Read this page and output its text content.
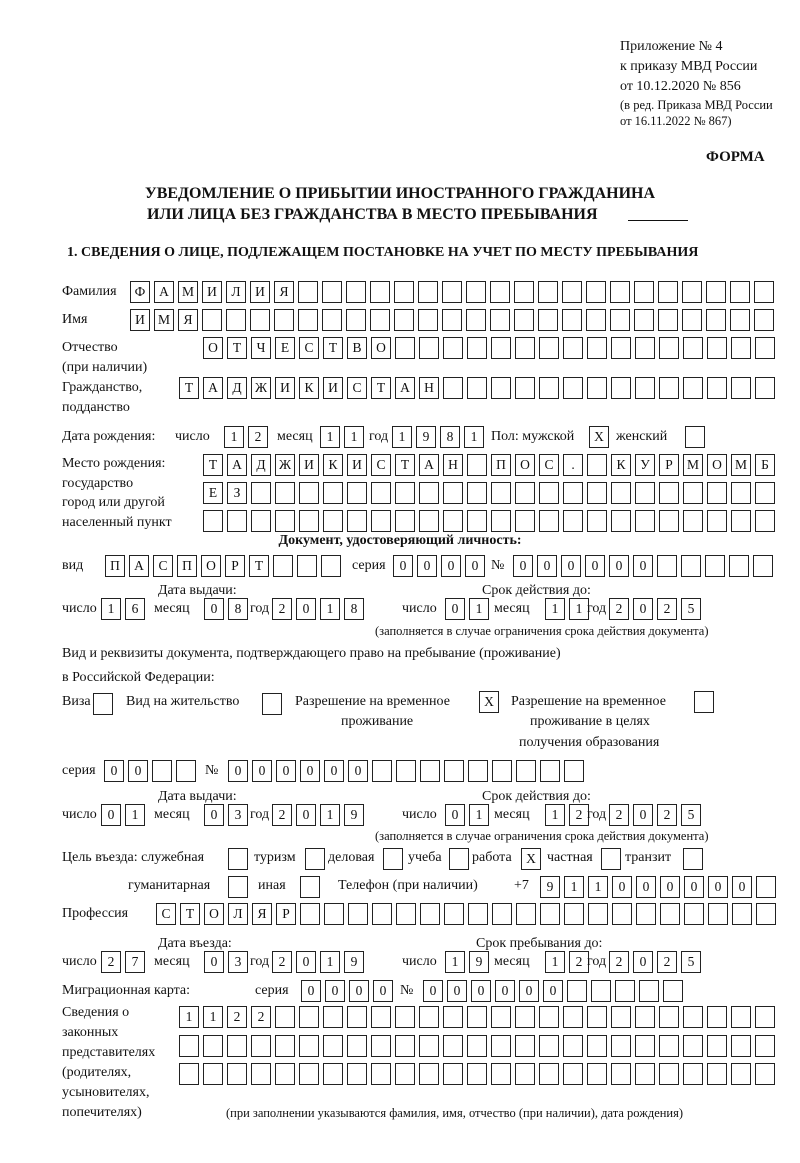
Приложение № 4
к приказу МВД России
от 10.12.2020 № 856
(в ред. Приказа МВД России
от 16.11.2022 № 867)
ФОРМА
УВЕДОМЛЕНИЕ О ПРИБЫТИИ ИНОСТРАННОГО ГРАЖДАНИНА
ИЛИ ЛИЦА БЕЗ ГРАЖДАНСТВА В МЕСТО ПРЕБЫВАНИЯ
1. СВЕДЕНИЯ О ЛИЦЕ, ПОДЛЕЖАЩЕМ ПОСТАНОВКЕ НА УЧЕТ ПО МЕСТУ ПРЕБЫВАНИЯ
Фамилия	Ф	А М И	Л	И	Я
Имя	И М Я
Отчество	О	Т	Ч	Е	С	Т	В	О
(при наличии)
Гражданство,	Т	А	Д Ж И	К	И	С	Т	А	Н
подданство
Дата рождения: число	1	2	месяц	1	1 год 1	9	8	1 Пол: мужской	X женский
Место рождения:
государство
город или другой
населенный пункт
Т	А	Д Ж И	К	И	С	Т	А	Н	П	О	С	.	К	У	Р	М О М	Б
Е	З
Документ, удостоверяющий личность:
вид	П	А	С	П	О	Р	Т	серия	0	0	0	0 №	0	0	0	0	0	0
Дата выдачи:	Срок действия до:
число 1	6	месяц	0	8 год 2	0	1	8	число	0	1 месяц	1	1 год 2	0	2	5
(заполняется в случае ограничения срока действия документа)
Вид и реквизиты документа, подтверждающего право на пребывание (проживание)
в Российской Федерации:
Виза	Вид на жительство	Разрешение на временное
проживание
X	Разрешение на временное
проживание в целях
получения образования
серия	0	0	№	0	0	0	0	0	0
Дата выдачи:	Срок действия до:
число 0	1	месяц	0	3 год 2	0	1	9	число	0	1 месяц	1	2 год 2	0	2	5
(заполняется в случае ограничения срока действия документа)
Цель въезда: служебная	туризм деловая учеба работа	X частная транзит
гуманитарная	иная	Телефон (при наличии)	+7	9	1	1	0	0	0	0	0	0
Профессия	С	Т	О	Л	Я	Р
Дата въезда:	Срок пребывания до:
число 2	7	месяц	0	3 год 2	0	1	9	число	1	9 месяц	1	2 год 2	0	2	5
Миграционная карта:	серия	0	0	0	0 №	0	0	0	0	0	0
Сведения о
законных
представителях
(родителях,
усыновителях,
попечителях)
1	1	2	2
(при заполнении указываются фамилия, имя, отчество (при наличии), дата рождения)
